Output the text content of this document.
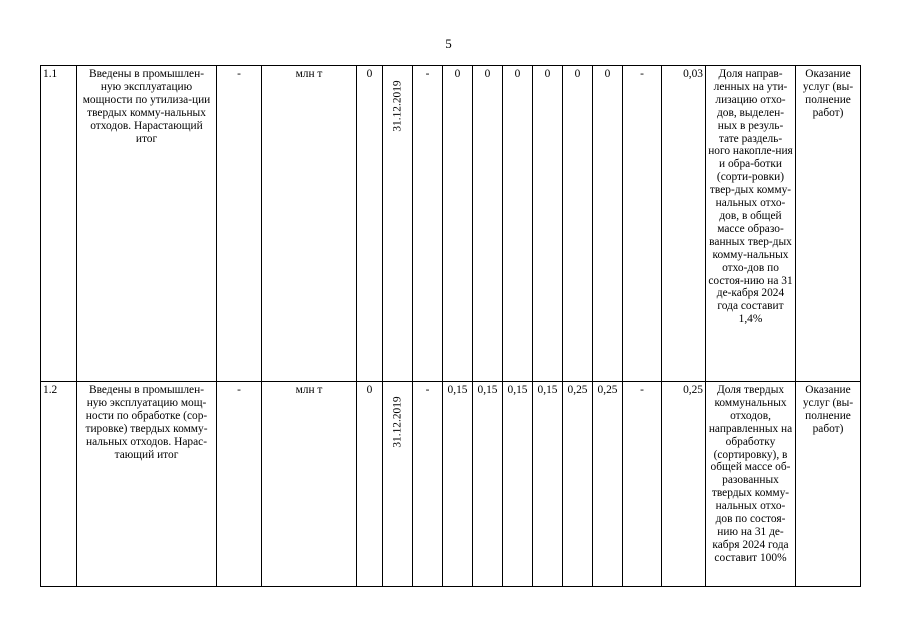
5
1.1	Введены в промышлен-ную эксплуатацию мощности по утилиза-ции твердых комму-нальных отходов. Нарастающий итог	-	млн т	0	31.12.2019	-	0	0	0	0	0	0	-	0,03	Доля направ-ленных на ути-лизацию отхо-дов, выделен-ных в резуль-тате раздель-ного накопле-ния и обра-ботки (сорти-ровки) твер-дых комму-нальных отхо-дов, в общей массе образо-ванных твер-дых комму-нальных отхо-дов по состоя-нию на 31 де-кабря 2024 года составит 1,4%	Оказание услуг (вы-полнение работ)
1.2	Введены в промышлен-ную эксплуатацию мощ-ности по обработке (сор-тировке) твердых комму-нальных отходов. Нарас-тающий итог	-	млн т	0	31.12.2019	-	0,15	0,15	0,15	0,15	0,25	0,25	-	0,25	Доля твердых коммунальных отходов, направленных на обработку (сортировку), в общей массе об-разованных твердых комму-нальных отхо-дов по состоя-нию на 31 де-кабря 2024 года составит 100%	Оказание услуг (вы-полнение работ)
